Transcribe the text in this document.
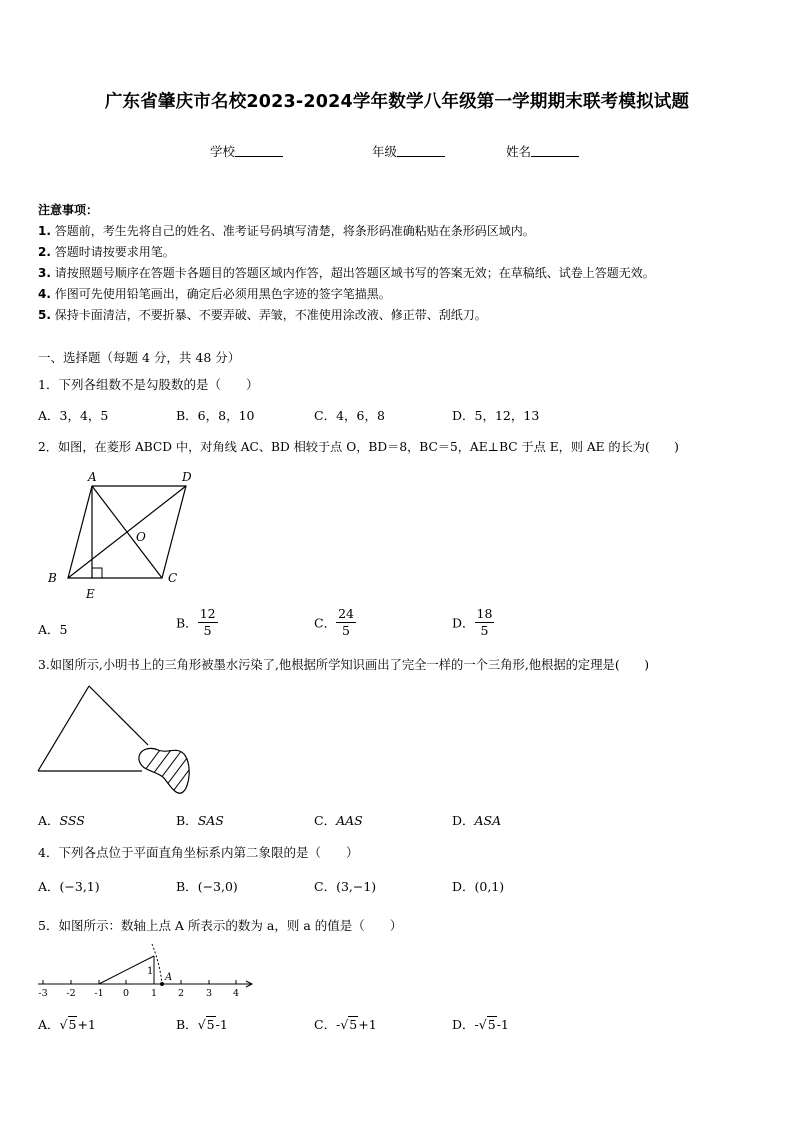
广东省肇庆市名校2023-2024学年数学八年级第一学期期末联考模拟试题
学校	年级	姓名
注意事项：
1. 答题前，考生先将自己的姓名、准考证号码填写清楚，将条形码准确粘贴在条形码区域内。
2. 答题时请按要求用笔。
3. 请按照题号顺序在答题卡各题目的答题区域内作答，超出答题区域书写的答案无效；在草稿纸、试卷上答题无效。
4. 作图可先使用铅笔画出，确定后必须用黑色字迹的签字笔描黑。
5. 保持卡面清洁，不要折暴、不要弄破、弄皱，不准使用涂改液、修正带、刮纸刀。
一、选择题（每题 4 分，共 48 分）
1．下列各组数不是勾股数的是（　　）
A．3，4，5	B．6，8，10	C．4，6，8	D．5，12，13
2．如图，在菱形 ABCD 中，对角线 AC、BD 相较于点 O，BD＝8，BC＝5，AE⊥BC 于点 E，则 AE 的长为(　　)
A	D
O
B	C
E
A．5	B． $\frac{12}{5}$	C． $\frac{24}{5}$	D． $\frac{18}{5}$
3.如图所示,小明书上的三角形被墨水污染了,他根据所学知识画出了完全一样的一个三角形,他根据的定理是(　　)
A．SSS	B．SAS	C．AAS	D．ASA
4．下列各点位于平面直角坐标系内第二象限的是（　　）
A．(−3,1)	B．(−3,0)	C．(3,−1)	D．(0,1)
5．如图所示：数轴上点 A 所表示的数为 a，则 a 的值是（　　）
-3 -2 -1 0 1 2 3 4
1
A
A．√5+1	B．√5-1	C．-√5+1	D．-√5-1
